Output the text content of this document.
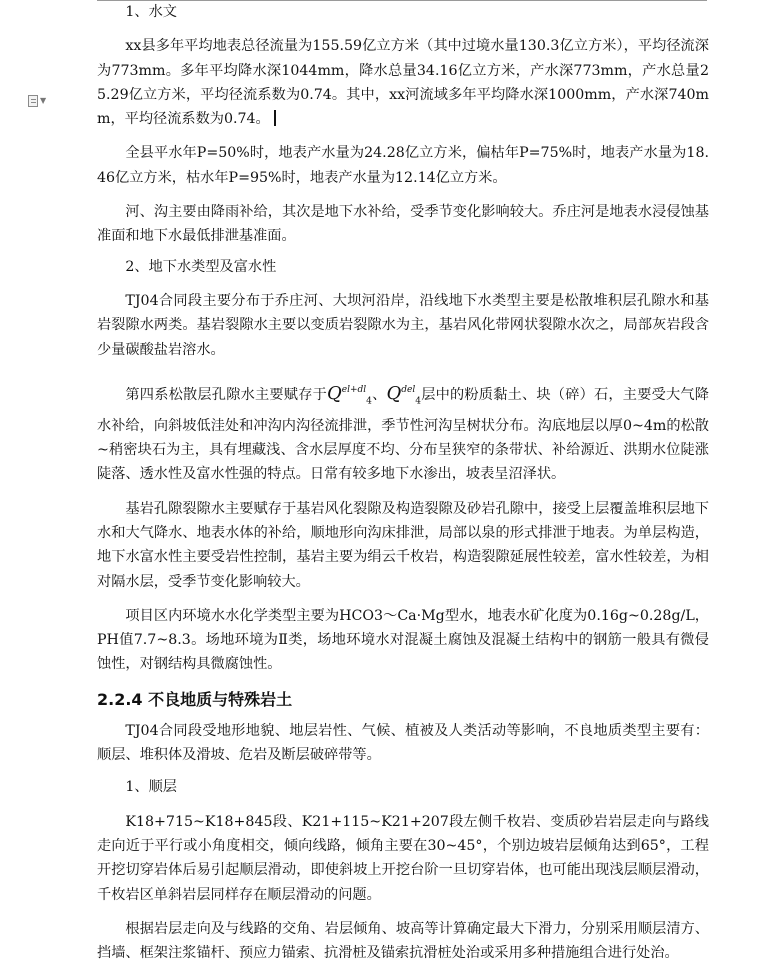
▼

1、水文

xx县多年平均地表总径流量为155.59亿立方米（其中过境水量130.3亿立方米），平均径流深为773mm。多年平均降水深1044mm，降水总量34.16亿立方米，产水深773mm，产水总量25.29亿立方米，平均径流系数为0.74。其中，xx河流域多年平均降水深1000mm，产水深740mm，平均径流系数为0.74。

全县平水年P=50%时，地表产水量为24.28亿立方米，偏枯年P=75%时，地表产水量为18.46亿立方米，枯水年P=95%时，地表产水量为12.14亿立方米。

河、沟主要由降雨补给，其次是地下水补给，受季节变化影响较大。乔庄河是地表水浸侵蚀基准面和地下水最低排泄基准面。

2、地下水类型及富水性

TJ04合同段主要分布于乔庄河、大坝河沿岸，沿线地下水类型主要是松散堆积层孔隙水和基岩裂隙水两类。基岩裂隙水主要以变质岩裂隙水为主，基岩风化带网状裂隙水次之，局部灰岩段含少量碳酸盐岩溶水。

第四系松散层孔隙水主要赋存于$Q^{el+dl}_4$、$Q^{del}_4$层中的粉质黏土、块（碎）石，主要受大气降水补给，向斜坡低洼处和冲沟内沟径流排泄，季节性河沟呈树状分布。沟底地层以厚0~4m的松散~稍密块石为主，具有埋藏浅、含水层厚度不均、分布呈狭窄的条带状、补给源近、洪期水位陡涨陡落、透水性及富水性强的特点。日常有较多地下水渗出，坡表呈沼泽状。

基岩孔隙裂隙水主要赋存于基岩风化裂隙及构造裂隙及砂岩孔隙中，接受上层覆盖堆积层地下水和大气降水、地表水体的补给，顺地形向沟床排泄，局部以泉的形式排泄于地表。为单层构造，地下水富水性主要受岩性控制，基岩主要为绢云千枚岩，构造裂隙延展性较差，富水性较差，为相对隔水层，受季节变化影响较大。

项目区内环境水水化学类型主要为HCO3～Ca·Mg型水，地表水矿化度为0.16g~0.28g/L，PH值7.7~8.3。场地环境为Ⅱ类，场地环境水对混凝土腐蚀及混凝土结构中的钢筋一般具有微侵蚀性，对钢结构具微腐蚀性。

2.2.4 不良地质与特殊岩土

TJ04合同段受地形地貌、地层岩性、气候、植被及人类活动等影响，不良地质类型主要有：顺层、堆积体及滑坡、危岩及断层破碎带等。

1、顺层

K18+715~K18+845段、K21+115~K21+207段左侧千枚岩、变质砂岩岩层走向与路线走向近于平行或小角度相交，倾向线路，倾角主要在30~45°，个别边坡岩层倾角达到65°，工程开挖切穿岩体后易引起顺层滑动，即使斜坡上开挖台阶一旦切穿岩体，也可能出现浅层顺层滑动，千枚岩区单斜岩层同样存在顺层滑动的问题。

根据岩层走向及与线路的交角、岩层倾角、坡高等计算确定最大下滑力，分别采用顺层清方、挡墙、框架注浆锚杆、预应力锚索、抗滑桩及锚索抗滑桩处治或采用多种措施组合进行处治。
